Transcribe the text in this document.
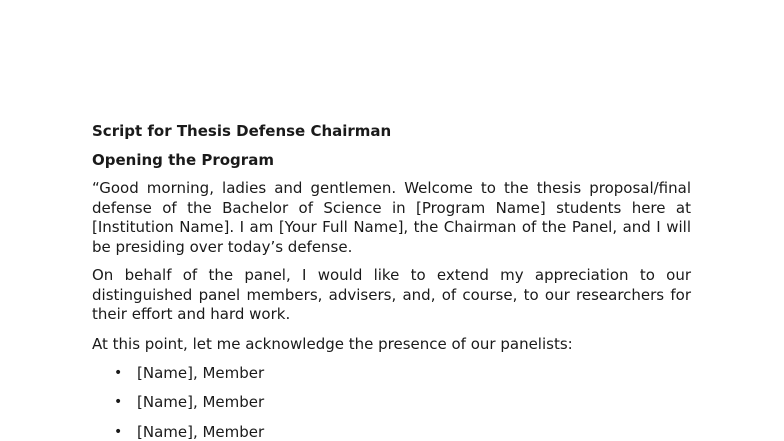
Script for Thesis Defense Chairman
Opening the Program

“Good morning, ladies and gentlemen. Welcome to the thesis proposal/final defense of the Bachelor of Science in [Program Name] students here at [Institution Name]. I am [Your Full Name], the Chairman of the Panel, and I will be presiding over today’s defense.

On behalf of the panel, I would like to extend my appreciation to our distinguished panel members, advisers, and, of course, to our researchers for their effort and hard work.

At this point, let me acknowledge the presence of our panelists:

• [Name], Member
• [Name], Member
• [Name], Member
